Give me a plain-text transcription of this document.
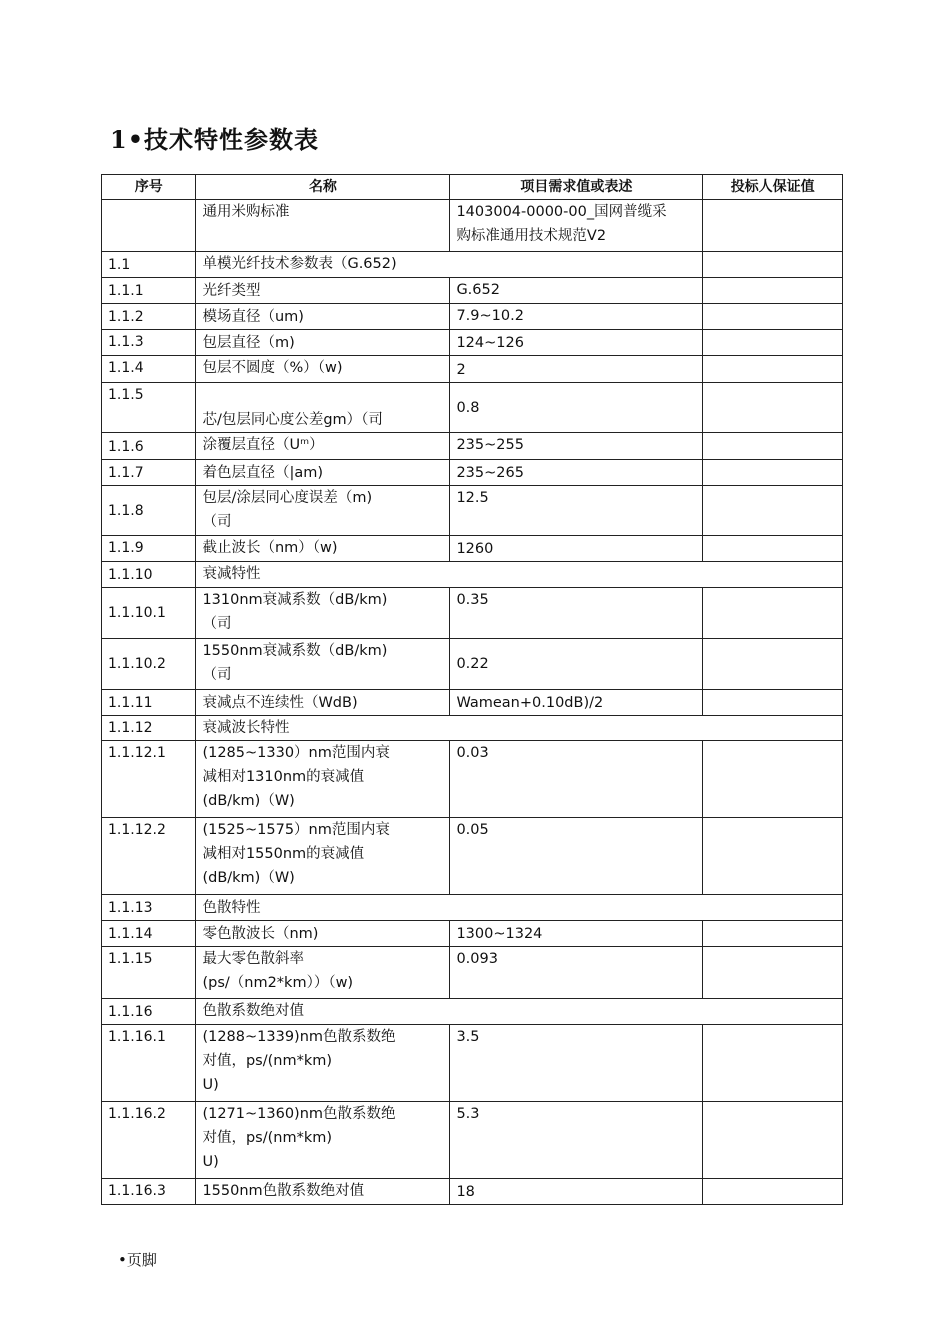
1•技术特性参数表
序号	名称	项目需求值或表述	投标人保证值
	通用米购标准	1403004-0000-00_国网普缆采
购标准通用技术规范V2	
1.1	单模光纤技术参数表（G.652)		
1.1.1	光纤类型	G.652	
1.1.2	模场直径（um)	7.9~10.2	
1.1.3	包层直径（m)	124~126	
1.1.4	包层不圆度（%）（w)	2	
1.1.5	芯/包层同心度公差gm）（司	0.8	
1.1.6	涂覆层直径（Uᵐ）	235~255	
1.1.7	着色层直径（|am)	235~265	
1.1.8	包层/涂层同心度误差（m)
（司	12.5	
1.1.9	截止波长（nm）（w)	1260	
1.1.10	衰减特性		
1.1.10.1	1310nm衰减系数（dB/km)
（司	0.35	
1.1.10.2	1550nm衰减系数（dB/km)
（司	0.22	
1.1.11	衰减点不连续性（WdB)	Wamean+0.10dB)/2	
1.1.12	衰减波长特性		
1.1.12.1	(1285~1330）nm范围内衰
减相对1310nm的衰减值
(dB/km)（W)	0.03	
1.1.12.2	(1525~1575）nm范围内衰
减相对1550nm的衰减值
(dB/km)（W)	0.05	
1.1.13	色散特性		
1.1.14	零色散波长（nm)	1300~1324	
1.1.15	最大零色散斜率
(ps/（nm2*km））（w)	0.093	
1.1.16	色散系数绝对值		
1.1.16.1	(1288~1339)nm色散系数绝
对值，ps/(nm*km)
U)	3.5	
1.1.16.2	(1271~1360)nm色散系数绝
对值，ps/(nm*km)
U)	5.3	
1.1.16.3	1550nm色散系数绝对值	18	
•页脚
